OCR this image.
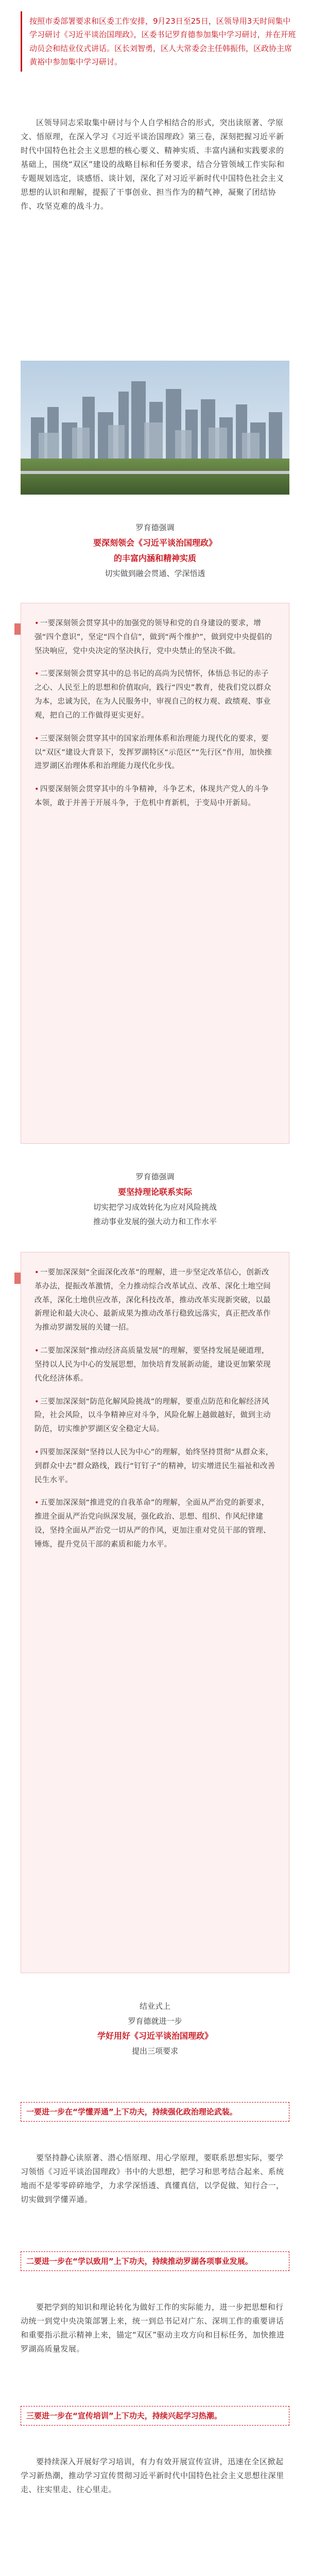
按照市委部署要求和区委工作安排，9月23日至25日，区领导用3天时间集中学习研讨《习近平谈治国理政》，区委书记罗育德参加集中学习研讨，并在开班动员会和结业仪式讲话。区长刘智勇，区人大常委会主任韩振伟，区政协主席黄裕中参加集中学习研讨。

区领导同志采取集中研讨与个人自学相结合的形式，突出读原著、学原文、悟原理，在深入学习《习近平谈治国理政》第三卷，深刻把握习近平新时代中国特色社会主义思想的核心要义、精神实质、丰富内涵和实践要求的基础上，围绕“双区”建设的战略目标和任务要求，结合分管领域工作实际和专题规划选定，谈感悟、谈计划，深化了对习近平新时代中国特色社会主义思想的认识和理解，提振了干事创业、担当作为的精气神，凝聚了团结协作、攻坚克难的战斗力。

罗育德强调
要深刻领会《习近平谈治国理政》
的丰富内涵和精神实质
切实做到融会贯通、学深悟透

• 一要深刻领会贯穿其中的加强党的领导和党的自身建设的要求，增强“四个意识”，坚定“四个自信”，做到“两个维护”，做到党中央提倡的坚决响应，党中央决定的坚决执行，党中央禁止的坚决不做。

• 二要深刻领会贯穿其中的总书记的高尚为民情怀，体悟总书记的赤子之心、人民至上的思想和价值取向，践行“四史”教育，使我们党以群众为本，忠诚为民，在为人民服务中，审视自己的权力观、政绩观、事业观，把自己的工作做得更实更好。

• 三要深刻领会贯穿其中的国家治理体系和治理能力现代化的要求，要以“双区”建设大背景下，发挥罗湖特区“示范区”“先行区”作用，加快推进罗湖区治理体系和治理能力现代化步伐。

• 四要深刻领会贯穿其中的斗争精神，斗争艺术，体现共产党人的斗争本领，敢于并善于开展斗争，于危机中育新机，于变局中开新局。

罗育德强调
要坚持理论联系实际
切实把学习成效转化为应对风险挑战
推动事业发展的强大动力和工作水平

• 一要加深深刻“全面深化改革”的理解，进一步坚定改革信心，创新改革办法，提振改革激情，全力推动综合改革试点、改革、深化土地空间改革，深化土地供应改革，深化科技改革，推动改革实现新突破，以最新理论和最大决心、最新成果为推动改革行稳致远落实，真正把改革作为推动罗湖发展的关键一招。

• 二要加深深刻“推动经济高质量发展”的理解，要坚持发展是硬道理，坚持以人民为中心的发展思想，加快培育发展新动能，建设更加繁荣现代化经济体系。

• 三要加深深刻“防范化解风险挑战”的理解，要重点防范和化解经济风险，社会风险，以斗争精神应对斗争，风险化解上越做越好，做到主动防范，切实维护罗湖区安全稳定大局。

• 四要加深深刻“坚持以人民为中心”的理解，始终坚持贯彻“从群众来，到群众中去”群众路线，践行“钉钉子”的精神，切实增进民生福祉和改善民生水平。

• 五要加深深刻“推进党的自我革命”的理解，全面从严治党的新要求，推进全面从严治党向纵深发展，强化政治、思想、组织、作风纪律建设，坚持全面从严治党一切从严的作风，更加注重对党员干部的管理、锤炼，提升党员干部的素质和能力水平。

结业式上
罗育德就进一步
学好用好《习近平谈治国理政》
提出三项要求
一要进一步在“学懂弄通”上下功夫，持续强化政治理论武装。

要坚持静心读原著、潜心悟原理、用心学原理，要联系思想实际，要学习领悟《习近平谈治国理政》书中的大思想，把学习和思考结合起来、系统地而不是零零碎碎地学，力求学深悟透、真懂真信，以学促做、知行合一，切实做到学懂弄通。

二要进一步在“学以致用”上下功夫，持续推动罗湖各项事业发展。

要把学到的知识和理论转化为做好工作的实际能力，进一步把思想和行动统一到党中央决策部署上来，统一到总书记对广东、深圳工作的重要讲话和重要指示批示精神上来，锚定“双区”驱动主攻方向和目标任务，加快推进罗湖高质量发展。

三要进一步在“宣传培训”上下功夫，持续兴起学习热潮。

要持续深入开展好学习培训，有力有效开展宣传宣讲，迅速在全区掀起学习新热潮，推动学习宣传贯彻习近平新时代中国特色社会主义思想往深里走、往实里走、往心里走。
